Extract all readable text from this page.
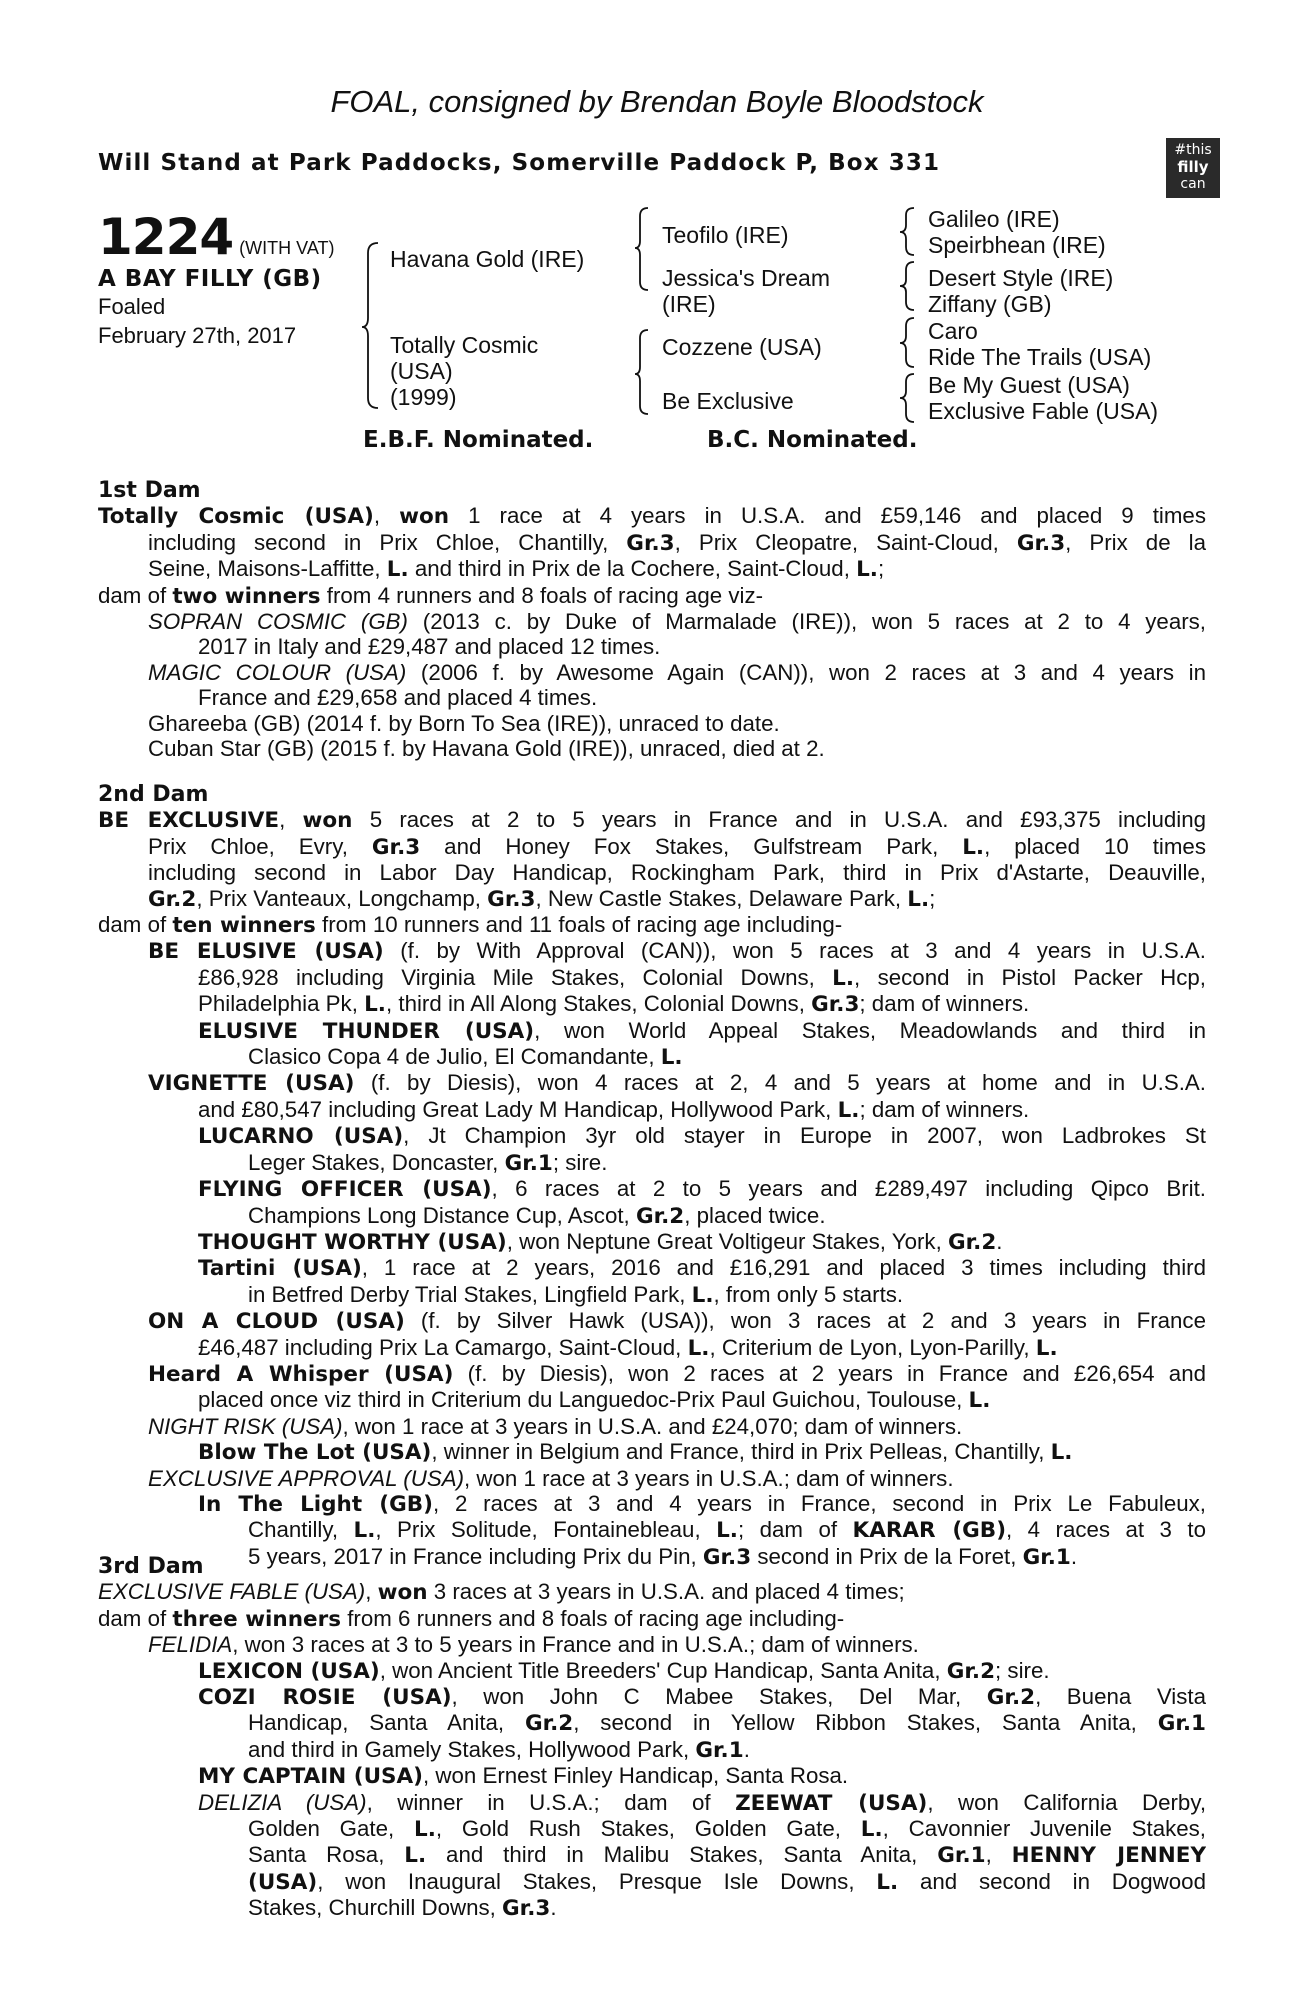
FOAL, consigned by Brendan Boyle Bloodstock
Will Stand at Park Paddocks, Somerville Paddock P, Box 331	#this
filly
can
1224 (WITH VAT)
A BAY FILLY (GB)
Foaled
February 27th, 2017
Havana Gold (IRE)
Totally Cosmic
(USA)
(1999)
Teofilo (IRE)
Jessica's Dream
(IRE)
Cozzene (USA)
Be Exclusive
Galileo (IRE)
Speirbhean (IRE)
Desert Style (IRE)
Ziffany (GB)
Caro
Ride The Trails (USA)
Be My Guest (USA)
Exclusive Fable (USA)
E.B.F. Nominated.	B.C. Nominated.
1st Dam
Totally Cosmic (USA), won 1 race at 4 years in U.S.A. and £59,146 and placed 9 times
including second in Prix Chloe, Chantilly, Gr.3, Prix Cleopatre, Saint-Cloud, Gr.3, Prix de la
Seine, Maisons-Laffitte, L. and third in Prix de la Cochere, Saint-Cloud, L.;
dam of two winners from 4 runners and 8 foals of racing age viz-
SOPRAN COSMIC (GB) (2013 c. by Duke of Marmalade (IRE)), won 5 races at 2 to 4 years,
2017 in Italy and £29,487 and placed 12 times.
MAGIC COLOUR (USA) (2006 f. by Awesome Again (CAN)), won 2 races at 3 and 4 years in
France and £29,658 and placed 4 times.
Ghareeba (GB) (2014 f. by Born To Sea (IRE)), unraced to date.
Cuban Star (GB) (2015 f. by Havana Gold (IRE)), unraced, died at 2.
2nd Dam
BE EXCLUSIVE, won 5 races at 2 to 5 years in France and in U.S.A. and £93,375 including
Prix Chloe, Evry, Gr.3 and Honey Fox Stakes, Gulfstream Park, L., placed 10 times
including second in Labor Day Handicap, Rockingham Park, third in Prix d'Astarte, Deauville,
Gr.2, Prix Vanteaux, Longchamp, Gr.3, New Castle Stakes, Delaware Park, L.;
dam of ten winners from 10 runners and 11 foals of racing age including-
BE ELUSIVE (USA) (f. by With Approval (CAN)), won 5 races at 3 and 4 years in U.S.A.
£86,928 including Virginia Mile Stakes, Colonial Downs, L., second in Pistol Packer Hcp,
Philadelphia Pk, L., third in All Along Stakes, Colonial Downs, Gr.3; dam of winners.
ELUSIVE THUNDER (USA), won World Appeal Stakes, Meadowlands and third in
Clasico Copa 4 de Julio, El Comandante, L.
VIGNETTE (USA) (f. by Diesis), won 4 races at 2, 4 and 5 years at home and in U.S.A.
and £80,547 including Great Lady M Handicap, Hollywood Park, L.; dam of winners.
LUCARNO (USA), Jt Champion 3yr old stayer in Europe in 2007, won Ladbrokes St
Leger Stakes, Doncaster, Gr.1; sire.
FLYING OFFICER (USA), 6 races at 2 to 5 years and £289,497 including Qipco Brit.
Champions Long Distance Cup, Ascot, Gr.2, placed twice.
THOUGHT WORTHY (USA), won Neptune Great Voltigeur Stakes, York, Gr.2.
Tartini (USA), 1 race at 2 years, 2016 and £16,291 and placed 3 times including third
in Betfred Derby Trial Stakes, Lingfield Park, L., from only 5 starts.
ON A CLOUD (USA) (f. by Silver Hawk (USA)), won 3 races at 2 and 3 years in France
£46,487 including Prix La Camargo, Saint-Cloud, L., Criterium de Lyon, Lyon-Parilly, L.
Heard A Whisper (USA) (f. by Diesis), won 2 races at 2 years in France and £26,654 and
placed once viz third in Criterium du Languedoc-Prix Paul Guichou, Toulouse, L.
NIGHT RISK (USA), won 1 race at 3 years in U.S.A. and £24,070; dam of winners.
Blow The Lot (USA), winner in Belgium and France, third in Prix Pelleas, Chantilly, L.
EXCLUSIVE APPROVAL (USA), won 1 race at 3 years in U.S.A.; dam of winners.
In The Light (GB), 2 races at 3 and 4 years in France, second in Prix Le Fabuleux,
Chantilly, L., Prix Solitude, Fontainebleau, L.; dam of KARAR (GB), 4 races at 3 to
5 years, 2017 in France including Prix du Pin, Gr.3 second in Prix de la Foret, Gr.1.
3rd Dam
EXCLUSIVE FABLE (USA), won 3 races at 3 years in U.S.A. and placed 4 times;
dam of three winners from 6 runners and 8 foals of racing age including-
FELIDIA, won 3 races at 3 to 5 years in France and in U.S.A.; dam of winners.
LEXICON (USA), won Ancient Title Breeders' Cup Handicap, Santa Anita, Gr.2; sire.
COZI ROSIE (USA), won John C Mabee Stakes, Del Mar, Gr.2, Buena Vista
Handicap, Santa Anita, Gr.2, second in Yellow Ribbon Stakes, Santa Anita, Gr.1
and third in Gamely Stakes, Hollywood Park, Gr.1.
MY CAPTAIN (USA), won Ernest Finley Handicap, Santa Rosa.
DELIZIA (USA), winner in U.S.A.; dam of ZEEWAT (USA), won California Derby,
Golden Gate, L., Gold Rush Stakes, Golden Gate, L., Cavonnier Juvenile Stakes,
Santa Rosa, L. and third in Malibu Stakes, Santa Anita, Gr.1, HENNY JENNEY
(USA), won Inaugural Stakes, Presque Isle Downs, L. and second in Dogwood
Stakes, Churchill Downs, Gr.3.
